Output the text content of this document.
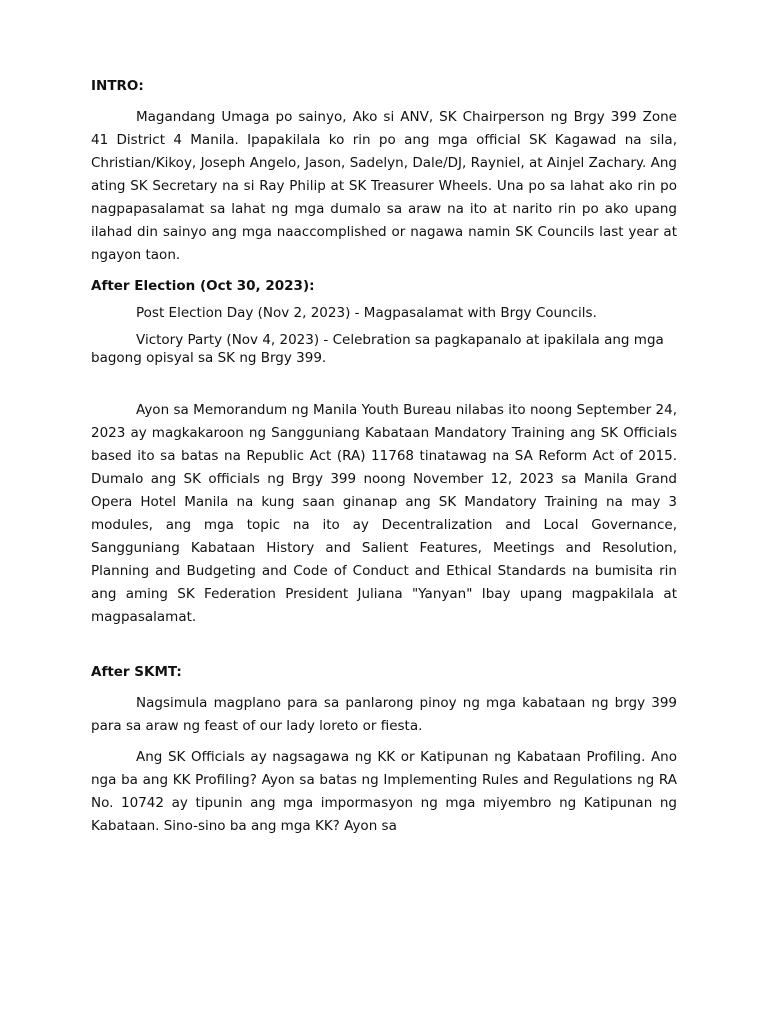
INTRO:

Magandang Umaga po sainyo, Ako si ANV, SK Chairperson ng Brgy 399 Zone 41 District 4 Manila. Ipapakilala ko rin po ang mga official SK Kagawad na sila, Christian/Kikoy, Joseph Angelo, Jason, Sadelyn, Dale/DJ, Rayniel, at Ainjel Zachary. Ang ating SK Secretary na si Ray Philip at SK Treasurer Wheels. Una po sa lahat ako rin po nagpapasalamat sa lahat ng mga dumalo sa araw na ito at narito rin po ako upang ilahad din sainyo ang mga naaccomplished or nagawa namin SK Councils last year at ngayon taon.

After Election (Oct 30, 2023):

Post Election Day (Nov 2, 2023) - Magpasalamat with Brgy Councils.

Victory Party (Nov 4, 2023) - Celebration sa pagkapanalo at ipakilala ang mga bagong opisyal sa SK ng Brgy 399.

Ayon sa Memorandum ng Manila Youth Bureau nilabas ito noong September 24, 2023 ay magkakaroon ng Sangguniang Kabataan Mandatory Training ang SK Officials based ito sa batas na Republic Act (RA) 11768 tinatawag na SA Reform Act of 2015. Dumalo ang SK officials ng Brgy 399 noong November 12, 2023 sa Manila Grand Opera Hotel Manila na kung saan ginanap ang SK Mandatory Training na may 3 modules, ang mga topic na ito ay Decentralization and Local Governance, Sangguniang Kabataan History and Salient Features, Meetings and Resolution, Planning and Budgeting and Code of Conduct and Ethical Standards na bumisita rin ang aming SK Federation President Juliana "Yanyan" Ibay upang magpakilala at magpasalamat.

After SKMT:

Nagsimula magplano para sa panlarong pinoy ng mga kabataan ng brgy 399 para sa araw ng feast of our lady loreto or fiesta.

Ang SK Officials ay nagsagawa ng KK or Katipunan ng Kabataan Profiling. Ano nga ba ang KK Profiling? Ayon sa batas ng Implementing Rules and Regulations ng RA No. 10742 ay tipunin ang mga impormasyon ng mga miyembro ng Katipunan ng Kabataan. Sino-sino ba ang mga KK? Ayon sa
